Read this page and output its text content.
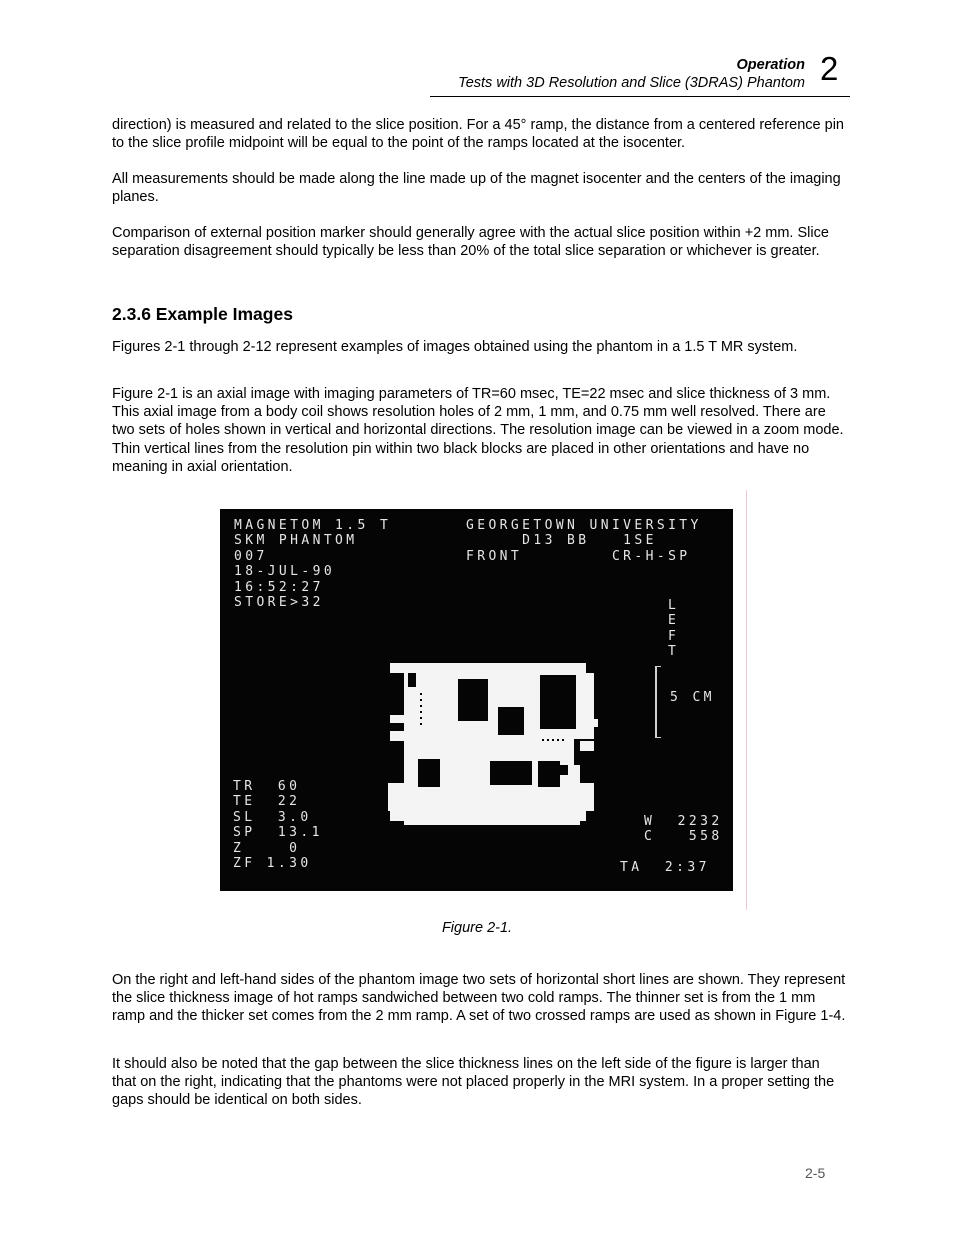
Operation
Tests with 3D Resolution and Slice (3DRAS) Phantom 2

direction) is measured and related to the slice position. For a 45° ramp, the distance from a centered reference pin to the slice profile midpoint will be equal to the point of the ramps located at the isocenter.

All measurements should be made along the line made up of the magnet isocenter and the centers of the imaging planes.

Comparison of external position marker should generally agree with the actual slice position within +2 mm. Slice separation disagreement should typically be less than 20% of the total slice separation or whichever is greater.

2.3.6 Example Images

Figures 2-1 through 2-12 represent examples of images obtained using the phantom in a 1.5 T MR system.

Figure 2-1 is an axial image with imaging parameters of TR=60 msec, TE=22 msec and slice thickness of 3 mm. This axial image from a body coil shows resolution holes of 2 mm, 1 mm, and 0.75 mm well resolved. There are two sets of holes shown in vertical and horizontal directions. The resolution image can be viewed in a zoom mode. Thin vertical lines from the resolution pin within two black blocks are placed in other orientations and have no meaning in axial orientation.

MAGNETOM 1.5 T
SKM PHANTOM
007
18-JUL-90
16:52:27
STORE>32
GEORGETOWN UNIVERSITY
D13 BB   1SE
FRONT        CR-H-SP
L
E
F
T
5 CM
TR  60
TE  22
SL  3.0
SP  13.1
Z    0
ZF 1.30
W  2232
C   558
TA  2:37
Figure 2-1.

On the right and left-hand sides of the phantom image two sets of horizontal short lines are shown. They represent the slice thickness image of hot ramps sandwiched between two cold ramps. The thinner set is from the 1 mm ramp and the thicker set comes from the 2 mm ramp. A set of two crossed ramps are used as shown in Figure 1-4.

It should also be noted that the gap between the slice thickness lines on the left side of the figure is larger than that on the right, indicating that the phantoms were not placed properly in the MRI system. In a proper setting the gaps should be identical on both sides.

2-5
